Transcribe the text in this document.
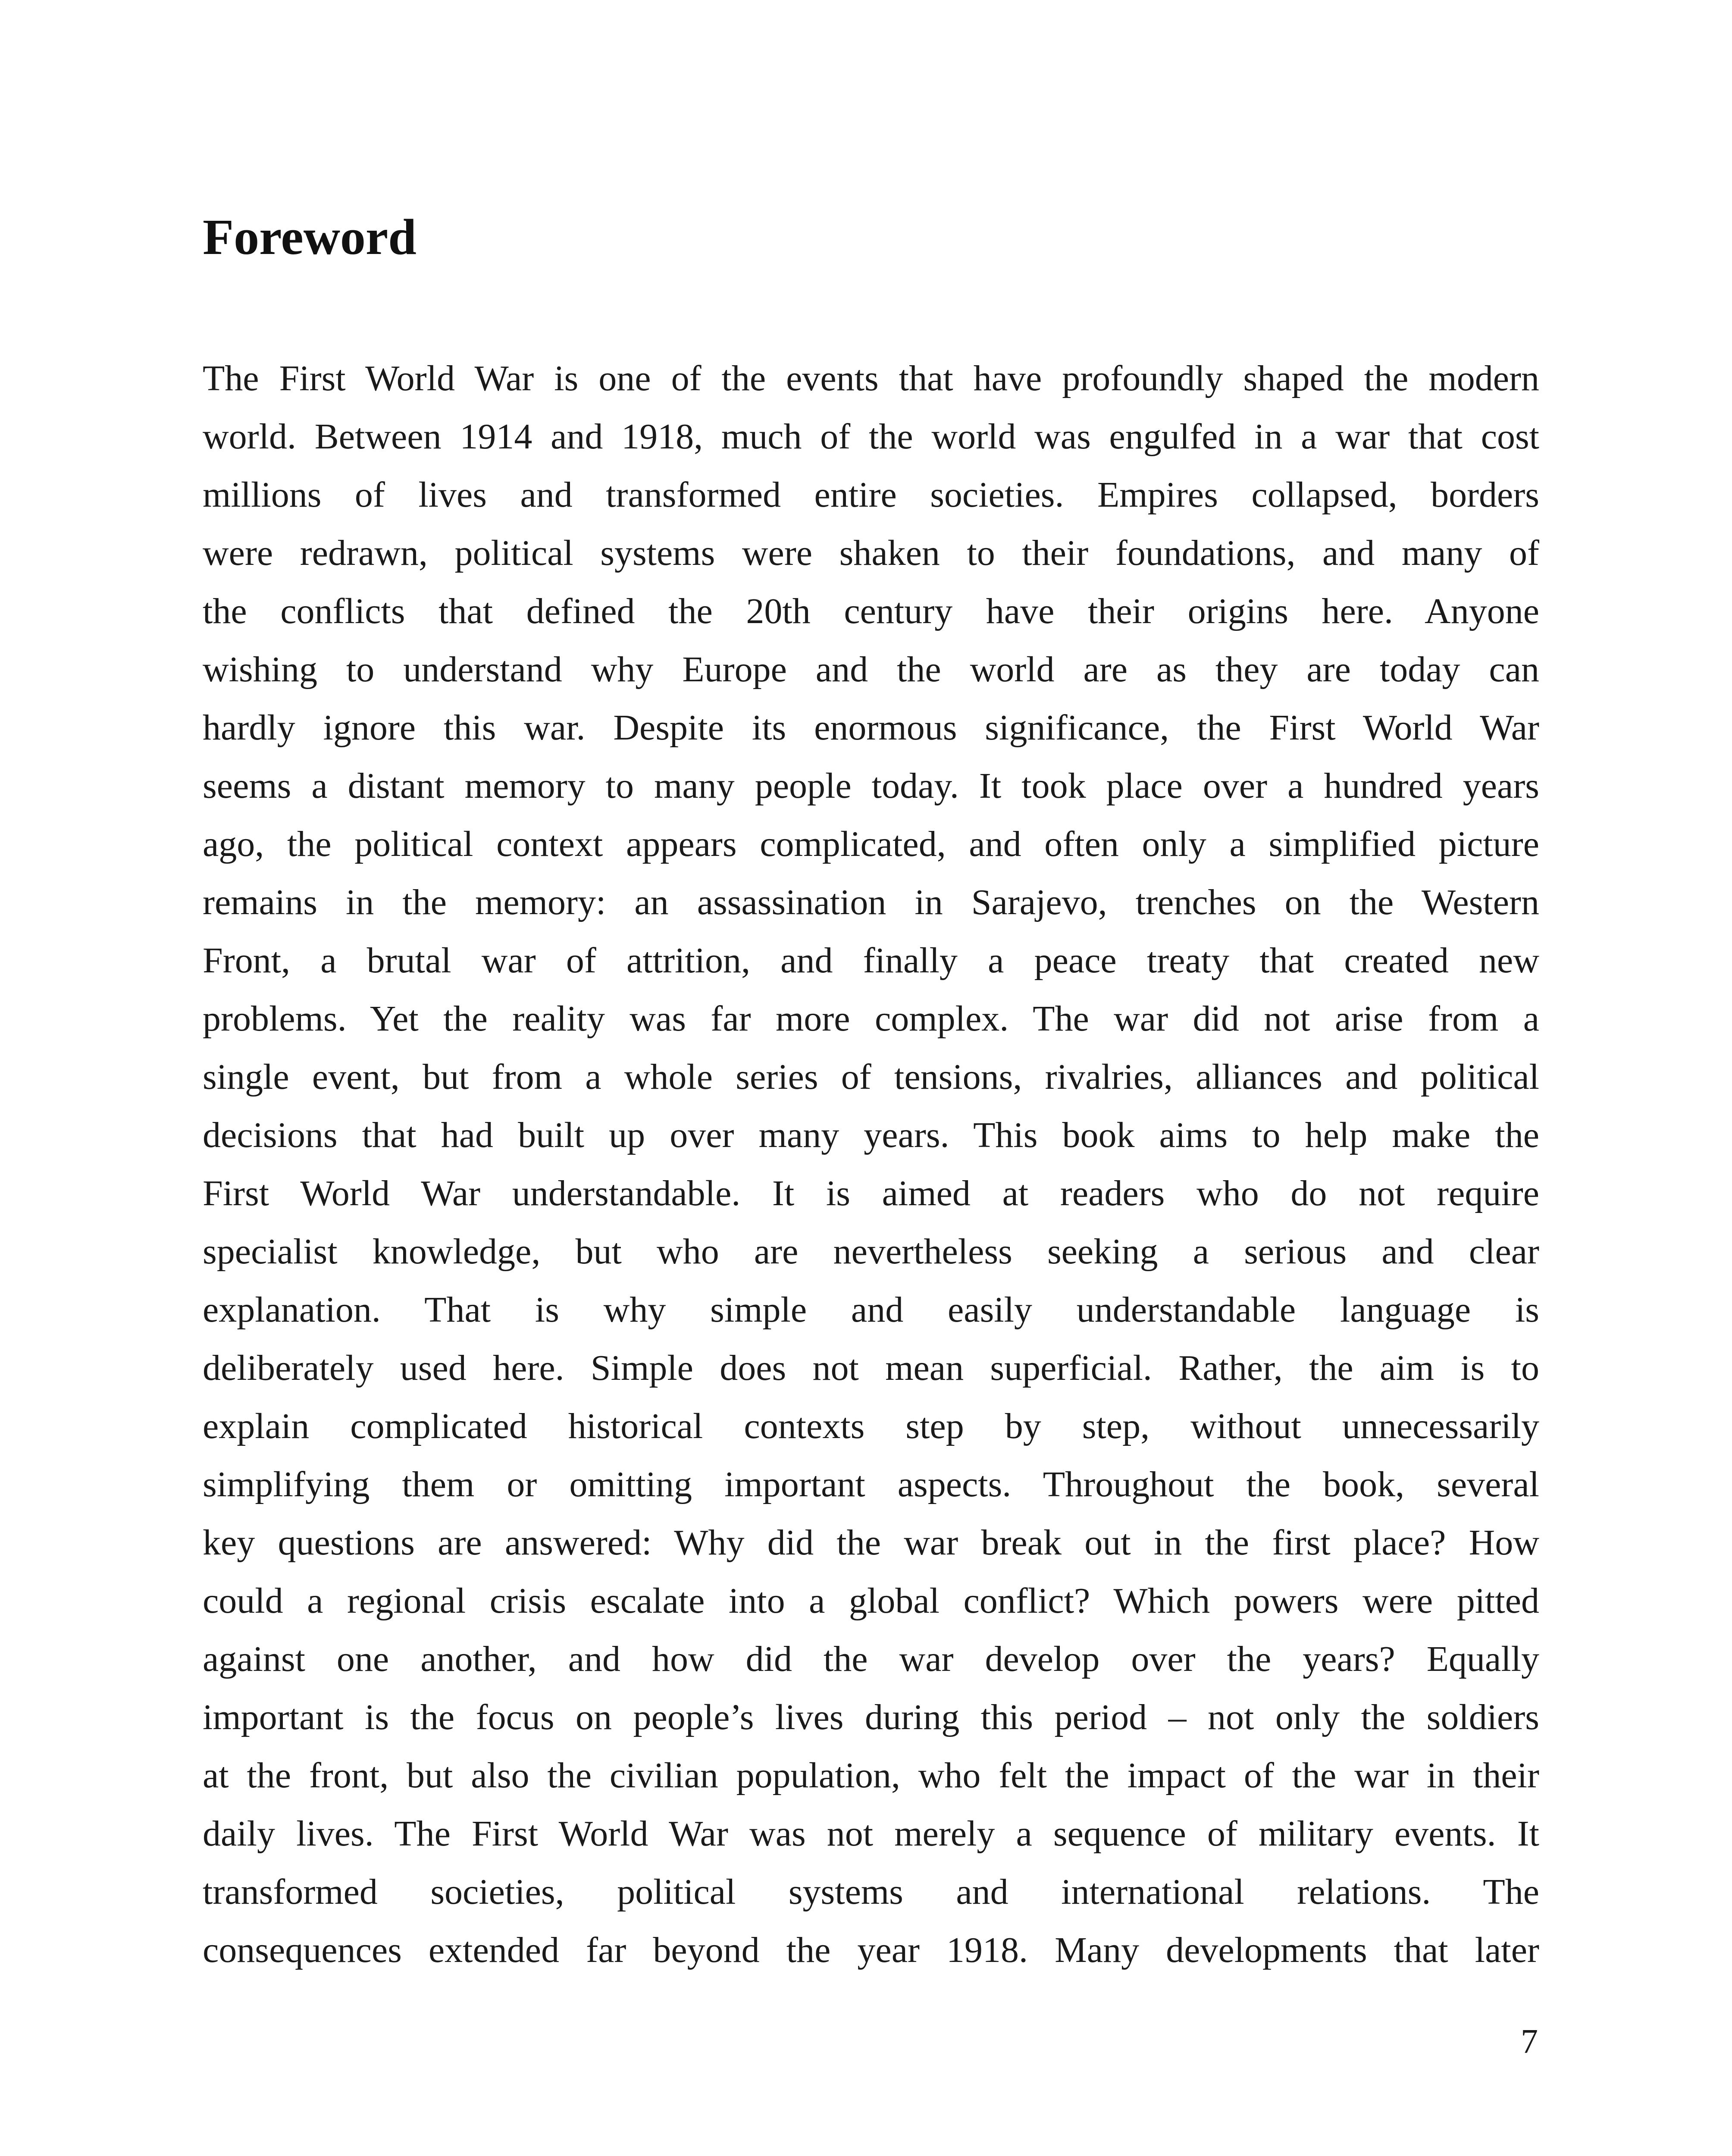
Foreword
The First World War is one of the events that have profoundly shaped the modern
world. Between 1914 and 1918, much of the world was engulfed in a war that cost
millions of lives and transformed entire societies. Empires collapsed, borders
were redrawn, political systems were shaken to their foundations, and many of
the conflicts that defined the 20th century have their origins here. Anyone
wishing to understand why Europe and the world are as they are today can
hardly ignore this war. Despite its enormous significance, the First World War
seems a distant memory to many people today. It took place over a hundred years
ago, the political context appears complicated, and often only a simplified picture
remains in the memory: an assassination in Sarajevo, trenches on the Western
Front, a brutal war of attrition, and finally a peace treaty that created new
problems. Yet the reality was far more complex. The war did not arise from a
single event, but from a whole series of tensions, rivalries, alliances and political
decisions that had built up over many years. This book aims to help make the
First World War understandable. It is aimed at readers who do not require
specialist knowledge, but who are nevertheless seeking a serious and clear
explanation. That is why simple and easily understandable language is
deliberately used here. Simple does not mean superficial. Rather, the aim is to
explain complicated historical contexts step by step, without unnecessarily
simplifying them or omitting important aspects. Throughout the book, several
key questions are answered: Why did the war break out in the first place? How
could a regional crisis escalate into a global conflict? Which powers were pitted
against one another, and how did the war develop over the years? Equally
important is the focus on people’s lives during this period – not only the soldiers
at the front, but also the civilian population, who felt the impact of the war in their
daily lives. The First World War was not merely a sequence of military events. It
transformed societies, political systems and international relations. The
consequences extended far beyond the year 1918. Many developments that later

7
